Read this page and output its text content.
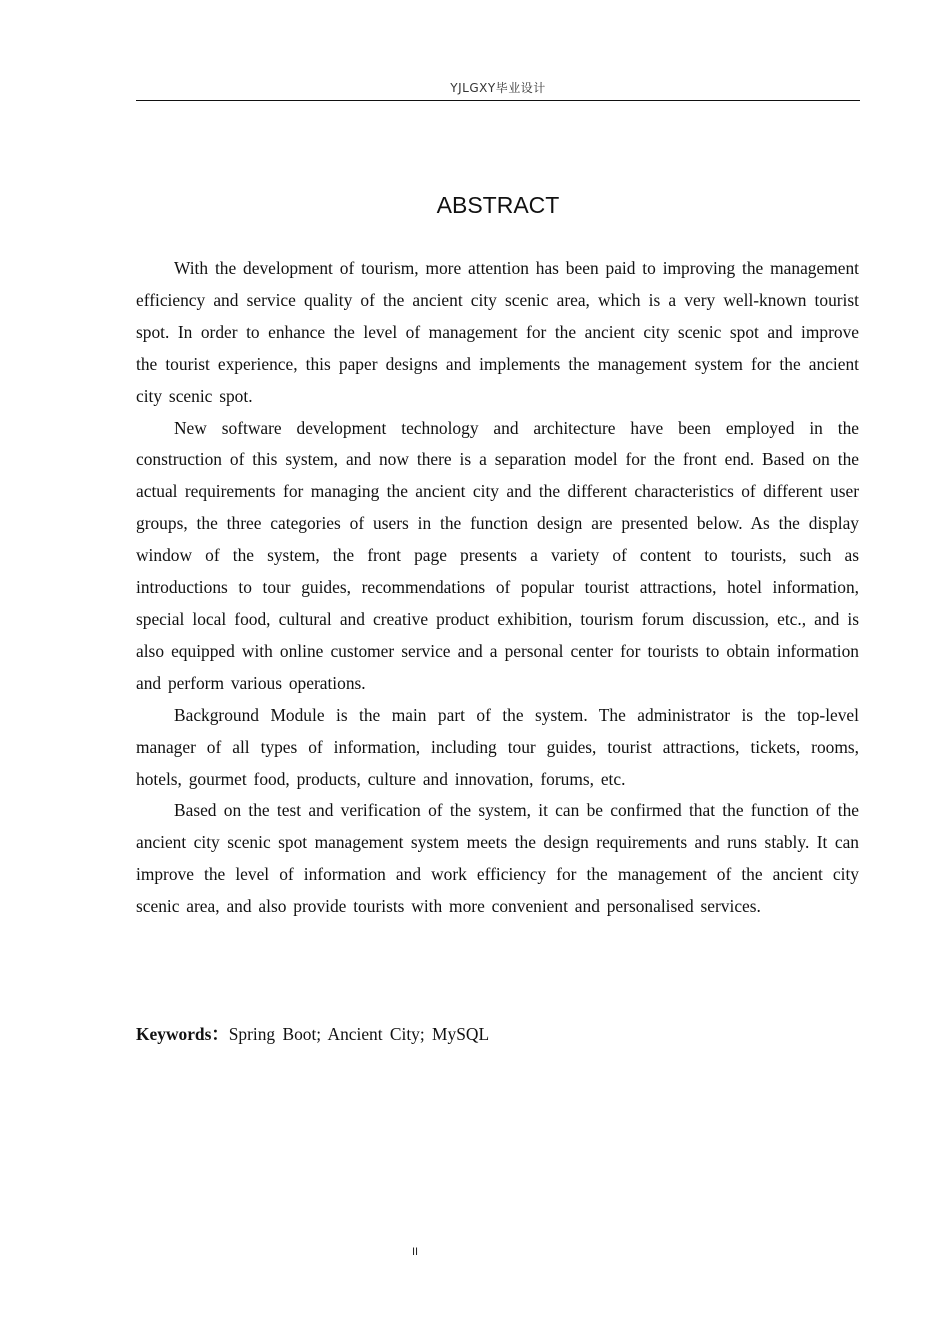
YJLGXY毕业设计
ABSTRACT

With the development of tourism, more attention has been paid to improving the management efficiency and service quality of the ancient city scenic area, which is a very well-known tourist spot. In order to enhance the level of management for the ancient city scenic spot and improve the tourist experience, this paper designs and implements the management system for the ancient city scenic spot.

New software development technology and architecture have been employed in the construction of this system, and now there is a separation model for the front end. Based on the actual requirements for managing the ancient city and the different characteristics of different user groups, the three categories of users in the function design are presented below. As the display window of the system, the front page presents a variety of content to tourists, such as introductions to tour guides, recommendations of popular tourist attractions, hotel information, special local food, cultural and creative product exhibition, tourism forum discussion, etc., and is also equipped with online customer service and a personal center for tourists to obtain information and perform various operations.

Background Module is the main part of the system. The administrator is the top-level manager of all types of information, including tour guides, tourist attractions, tickets, rooms, hotels, gourmet food, products, culture and innovation, forums, etc.

Based on the test and verification of the system, it can be confirmed that the function of the ancient city scenic spot management system meets the design requirements and runs stably. It can improve the level of information and work efficiency for the management of the ancient city scenic area, and also provide tourists with more convenient and personalised services.

Keywords：Spring Boot; Ancient City; MySQL
II
